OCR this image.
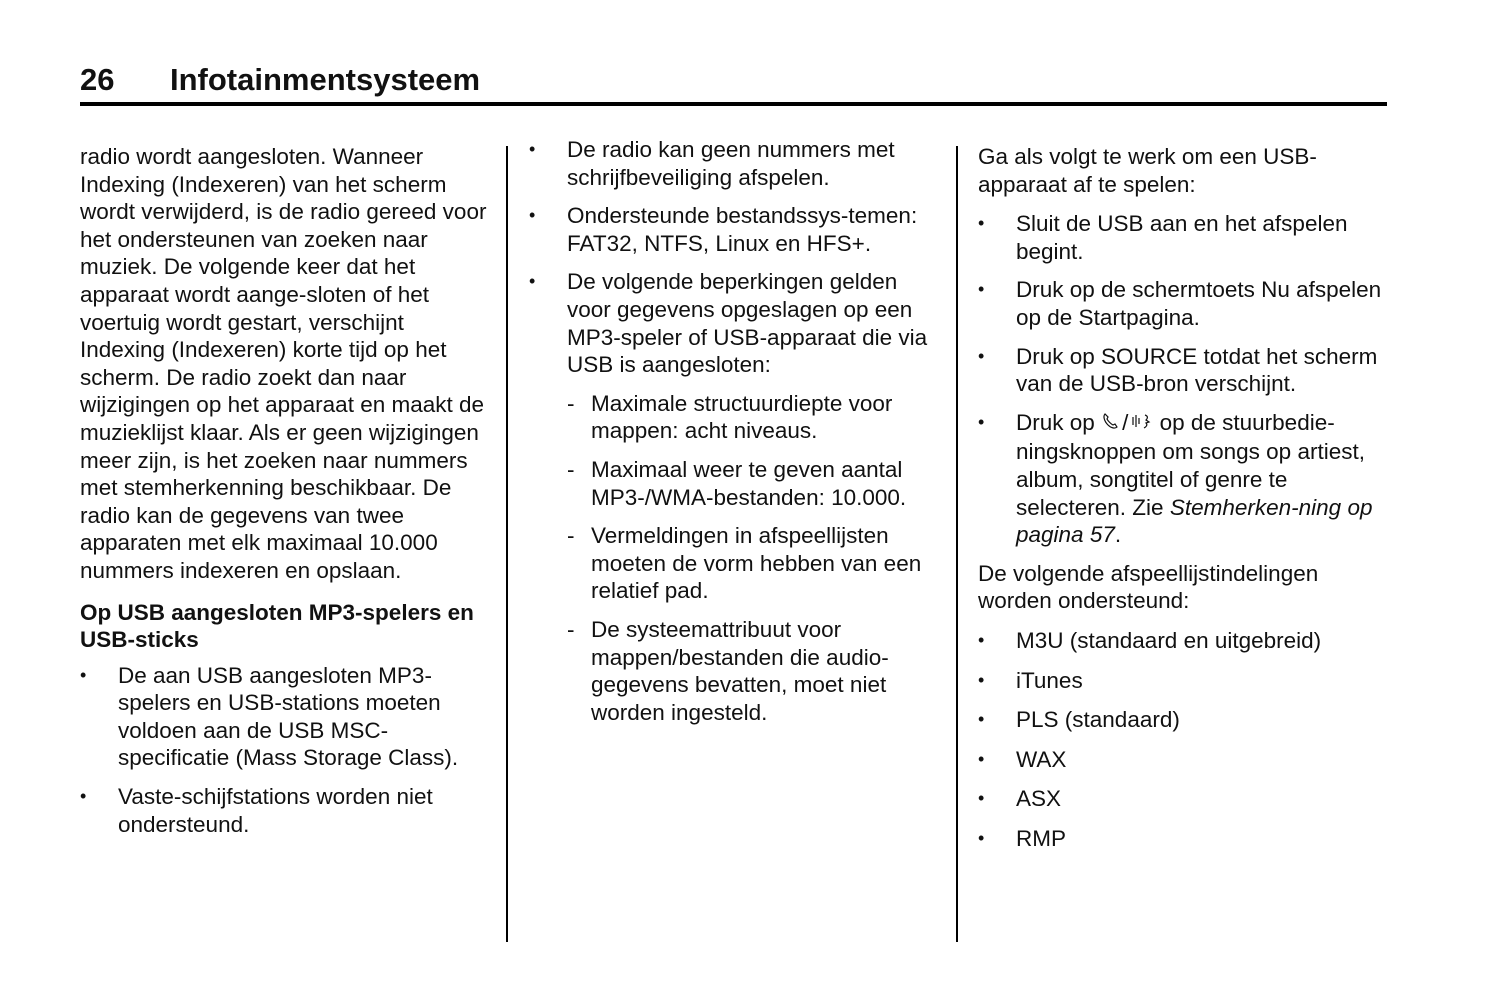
26 Infotainmentsysteem

radio wordt aangesloten. Wanneer Indexing (Indexeren) van het scherm wordt verwijderd, is de radio gereed voor het ondersteunen van zoeken naar muziek. De volgende keer dat het apparaat wordt aange-sloten of het voertuig wordt gestart, verschijnt Indexing (Indexeren) korte tijd op het scherm. De radio zoekt dan naar wijzigingen op het apparaat en maakt de muzieklijst klaar. Als er geen wijzigingen meer zijn, is het zoeken naar nummers met stemherkenning beschikbaar. De radio kan de gegevens van twee apparaten met elk maximaal 10.000 nummers indexeren en opslaan.

Op USB aangesloten MP3-spelers en USB-sticks
•	De aan USB aangesloten MP3-spelers en USB-stations moeten voldoen aan de USB MSC-specificatie (Mass Storage Class).
•	Vaste-schijfstations worden niet ondersteund.
•	De radio kan geen nummers met schrijfbeveiliging afspelen.
•	Ondersteunde bestandssys-temen: FAT32, NTFS, Linux en HFS+.
•	De volgende beperkingen gelden voor gegevens opgeslagen op een MP3-speler of USB-apparaat die via USB is aangesloten:
- Maximale structuurdiepte voor mappen: acht niveaus.
- Maximaal weer te geven aantal MP3-/WMA-bestanden: 10.000.
- Vermeldingen in afspeellijsten moeten de vorm hebben van een relatief pad.
- De systeemattribuut voor mappen/bestanden die audio-gegevens bevatten, moet niet worden ingesteld.

Ga als volgt te werk om een USB-apparaat af te spelen:

•	Sluit de USB aan en het afspelen begint.
•	Druk op de schermtoets Nu afspelen op de Startpagina.
•	Druk op SOURCE totdat het scherm van de USB-bron verschijnt.
•	Druk op / op de stuurbedie-ningsknoppen om songs op artiest, album, songtitel of genre te selecteren. Zie Stemherken-ning op pagina 57.

De volgende afspeellijstindelingen worden ondersteund:

•	M3U (standaard en uitgebreid)
•	iTunes
•	PLS (standaard)
•	WAX
•	ASX
•	RMP
